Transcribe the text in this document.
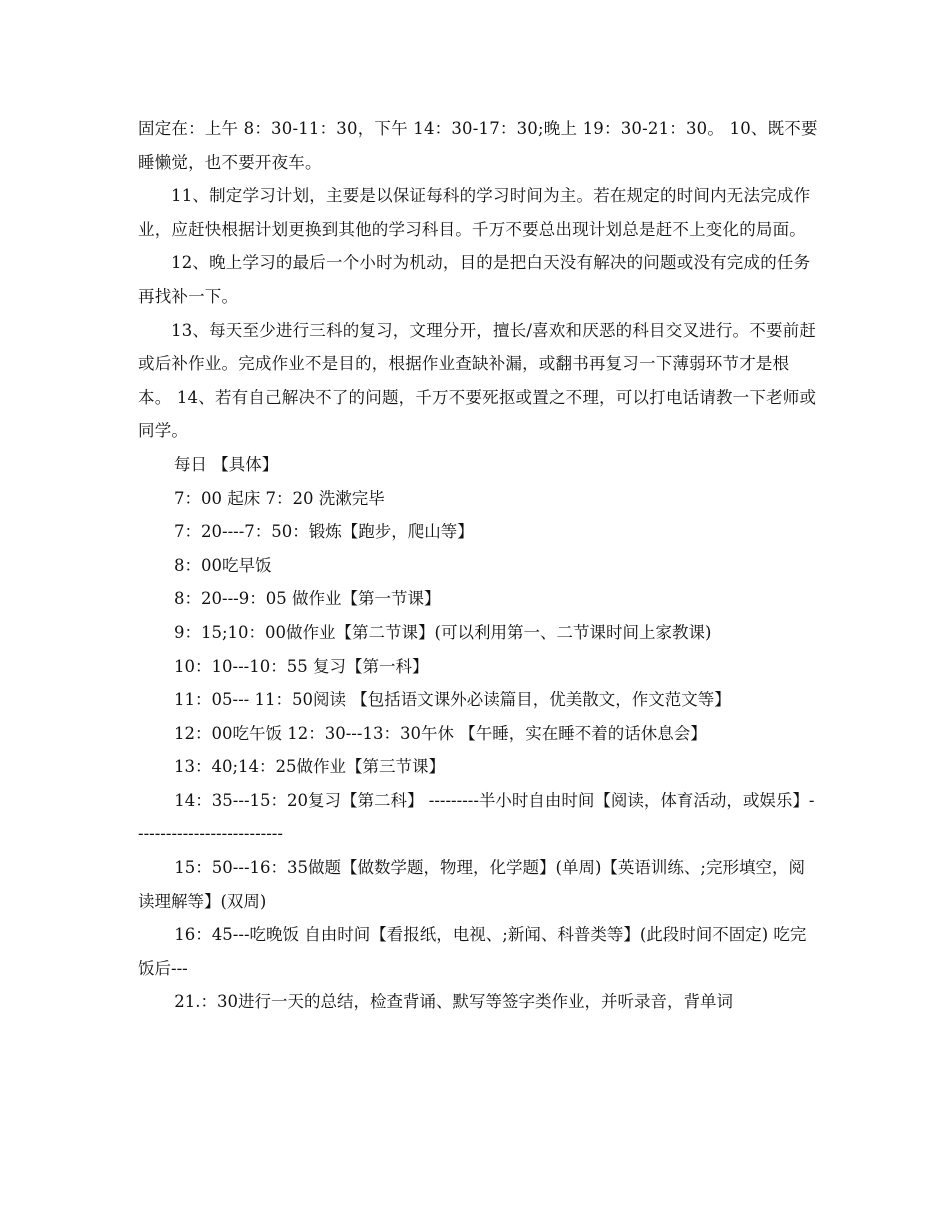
固定在：上午 8：30-11：30，下午 14：30-17：30;晚上 19：30-21：30。 10、既不要睡懒觉，也不要开夜车。

11、制定学习计划，主要是以保证每科的学习时间为主。若在规定的时间内无法完成作业，应赶快根据计划更换到其他的学习科目。千万不要总出现计划总是赶不上变化的局面。

12、晚上学习的最后一个小时为机动，目的是把白天没有解决的问题或没有完成的任务再找补一下。

13、每天至少进行三科的复习，文理分开，擅长/喜欢和厌恶的科目交叉进行。不要前赶或后补作业。完成作业不是目的，根据作业查缺补漏，或翻书再复习一下薄弱环节才是根本。 14、若有自己解决不了的问题，千万不要死抠或置之不理，可以打电话请教一下老师或同学。

每日 【具体】

7：00 起床 7：20 洗漱完毕

7：20----7：50：锻炼【跑步，爬山等】

8：00吃早饭

8：20---9：05 做作业【第一节课】

9：15;10：00做作业【第二节课】(可以利用第一、二节课时间上家教课)

10：10---10：55 复习【第一科】

11：05--- 11：50阅读 【包括语文课外必读篇目，优美散文，作文范文等】

12：00吃午饭 12：30---13：30午休 【午睡，实在睡不着的话休息会】

13：40;14：25做作业【第三节课】

14：35---15：20复习【第二科】 ---------半小时自由时间【阅读，体育活动，或娱乐】---------------------------

15：50---16：35做题【做数学题，物理，化学题】(单周)【英语训练、;完形填空，阅读理解等】(双周)

16：45---吃晚饭 自由时间【看报纸，电视、;新闻、科普类等】(此段时间不固定) 吃完饭后---

21.：30进行一天的总结，检查背诵、默写等签字类作业，并听录音，背单词
